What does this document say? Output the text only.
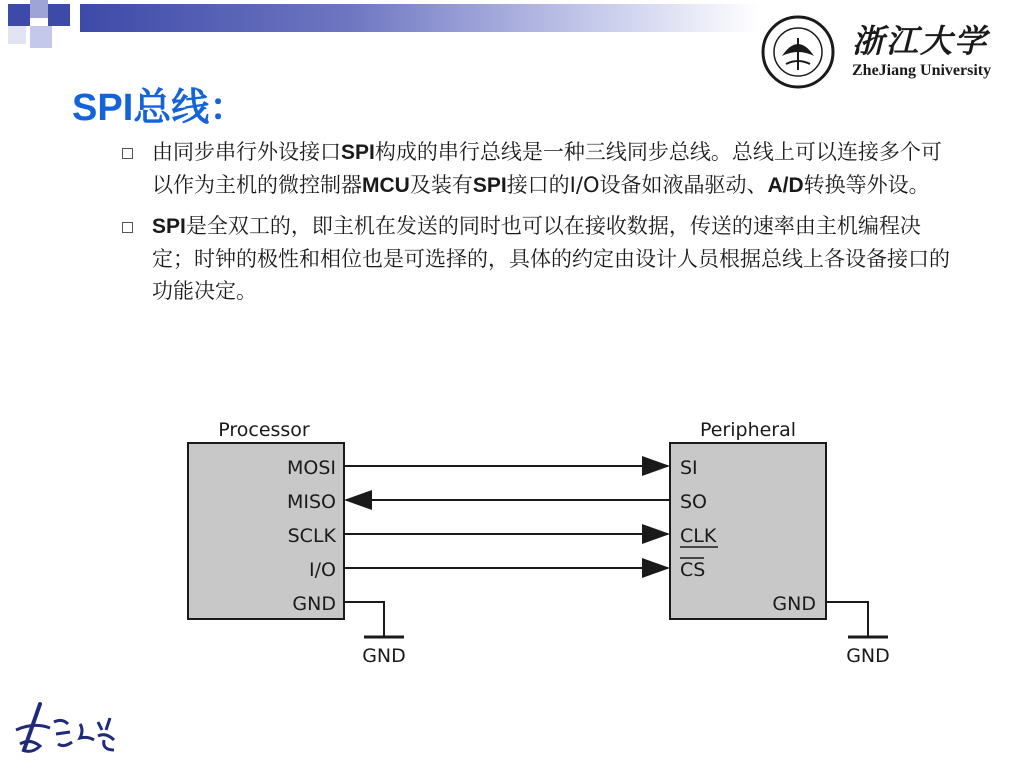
浙江大学
ZheJiang University
SPI总线：
由同步串行外设接口SPI构成的串行总线是一种三线同步总线。总线上可以连接多个可以作为主机的微控制器MCU及装有SPI接口的I/O设备如液晶驱动、A/D转换等外设。
SPI是全双工的，即主机在发送的同时也可以在接收数据，传送的速率由主机编程决定；时钟的极性和相位也是可选择的，具体的约定由设计人员根据总线上各设备接口的功能决定。
Processor
MOSI
MISO
SCLK
I/O
GND
Peripheral
SI
SO
CLK
CS
GND
GND	GND
